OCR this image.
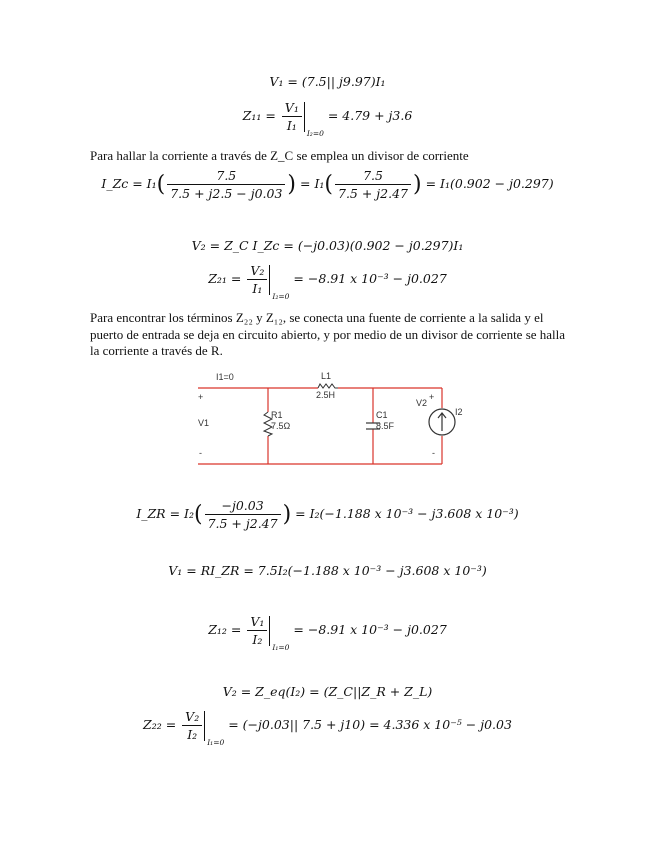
V₁ = (7.5|| j9.97)I₁
$Z_{11} = \frac{\text{V₁}}{\text{I₁}}$
$_{I_2=0}$ = 4.79 + j3.6
Para hallar la corriente a través de Z_C se emplea un divisor de corriente
I_Zc = $I_1( \frac{7.5}{7.5 + j2.5 - j0.03}$ ) = $I_1( \frac{7.5}{7.5 + j2.47}$ ) = I₁(0.902 − j0.297)
V₂ = Z_C I_Zc = (−j0.03)(0.902 − j0.297)I₁
$Z_{21} = \frac{\text{V₂}}{\text{I₁}}$
$_{I_2=0}$ = −8.91 x 10⁻³ − j0.027
Para encontrar los términos Z₂₂ y Z₁₂, se conecta una fuente de corriente a la salida y el puerto de entrada se deja en circuito abierto, y por medio de un divisor de corriente se halla la corriente a través de R.
I1=0
+
V1
-
L1
2.5H
R1
7.5Ω
C1
8.5F
V2
+
-
I2
I_ZR = $I_2( \frac{-j0.03}{7.5 + j2.47}$ ) = I₂(−1.188 x 10⁻³ − j3.608 x 10⁻³)
V₁ = RI_ZR = 7.5I₂(−1.188 x 10⁻³ − j3.608 x 10⁻³)
$Z_{12} = \frac{\text{V₁}}{\text{I₂}}$
$_{I_1=0}$ = −8.91 x 10⁻³ − j0.027
V₂ = Z_eq(I₂) = (Z_C||Z_R + Z_L)
$Z_{22} = \frac{\text{V₂}}{\text{I₂}}$
$_{I_1=0}$ = (−j0.03|| 7.5 + j10) = 4.336 x 10⁻⁵ − j0.03
